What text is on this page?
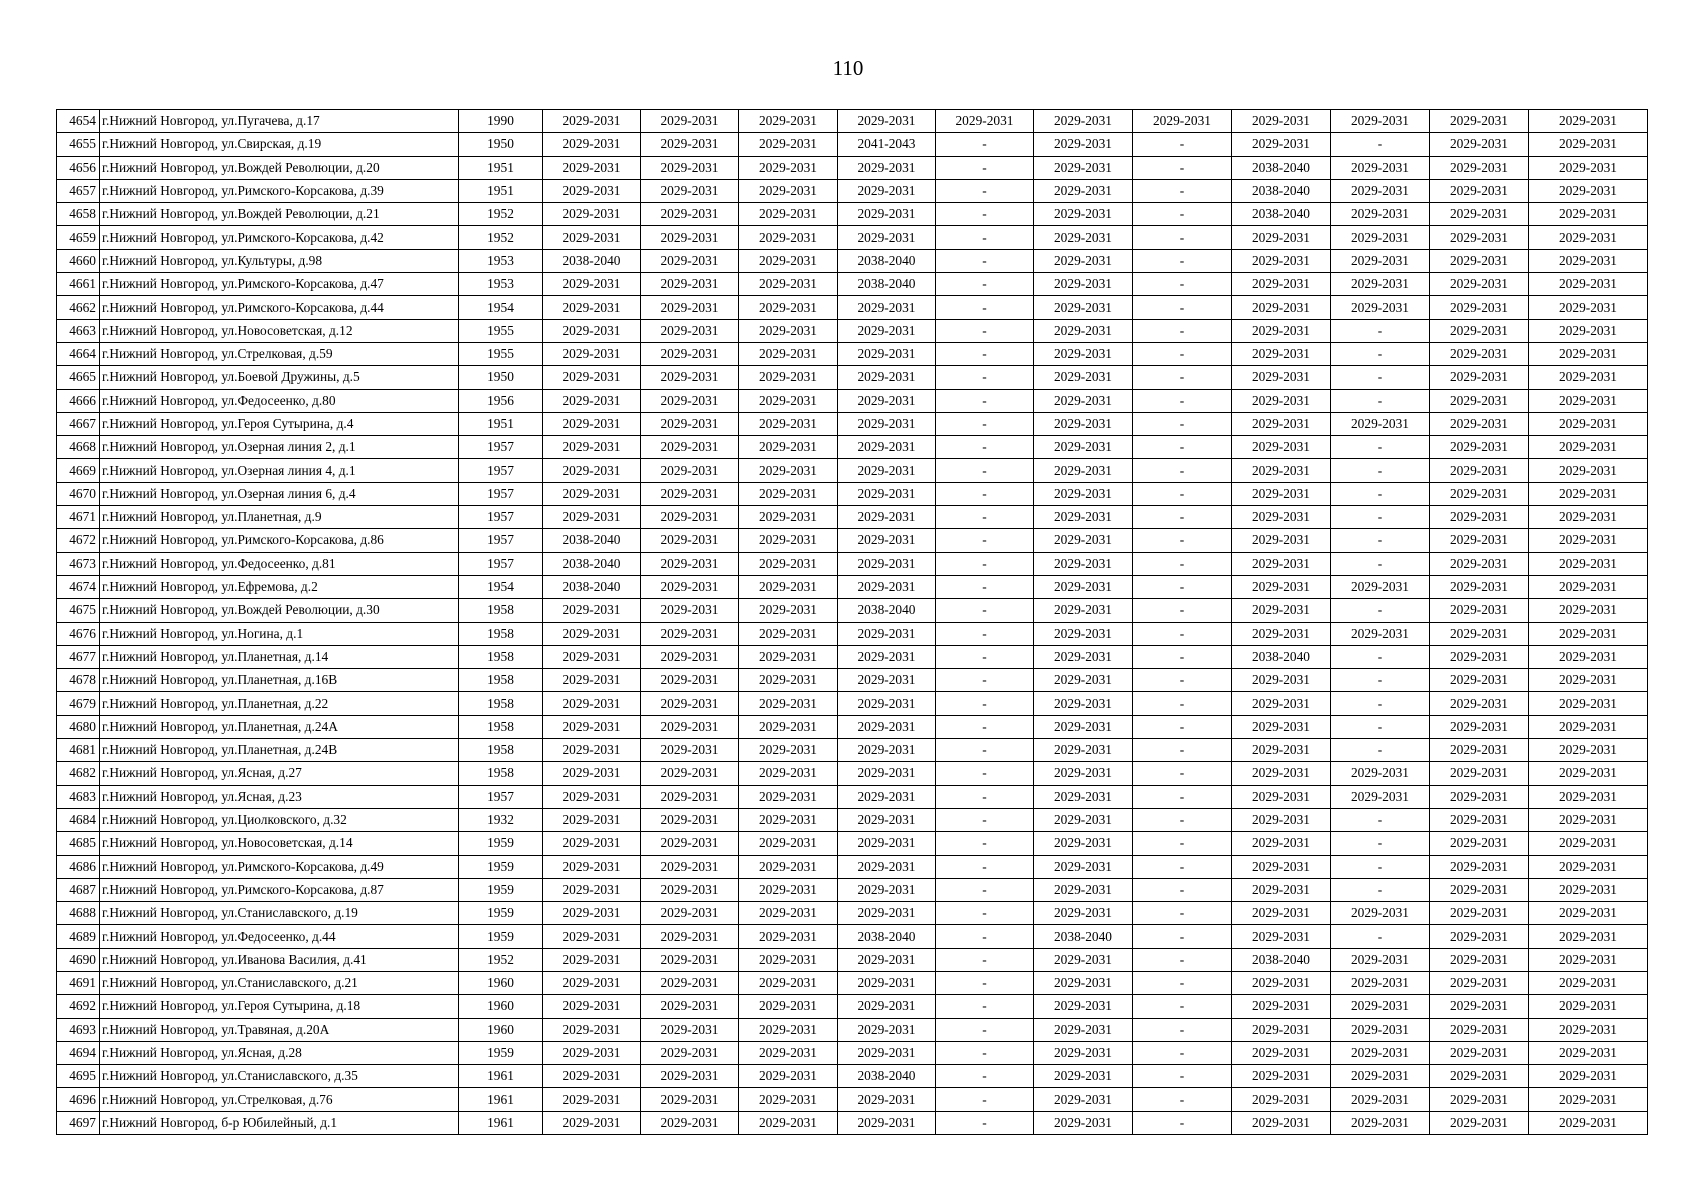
110
4654	г.Нижний Новгород, ул.Пугачева, д.17	1990	2029-2031	2029-2031	2029-2031	2029-2031	2029-2031	2029-2031	2029-2031	2029-2031	2029-2031	2029-2031	2029-2031
4655	г.Нижний Новгород, ул.Свирская, д.19	1950	2029-2031	2029-2031	2029-2031	2041-2043	-	2029-2031	-	2029-2031	-	2029-2031	2029-2031
4656	г.Нижний Новгород, ул.Вождей Революции, д.20	1951	2029-2031	2029-2031	2029-2031	2029-2031	-	2029-2031	-	2038-2040	2029-2031	2029-2031	2029-2031
4657	г.Нижний Новгород, ул.Римского-Корсакова, д.39	1951	2029-2031	2029-2031	2029-2031	2029-2031	-	2029-2031	-	2038-2040	2029-2031	2029-2031	2029-2031
4658	г.Нижний Новгород, ул.Вождей Революции, д.21	1952	2029-2031	2029-2031	2029-2031	2029-2031	-	2029-2031	-	2038-2040	2029-2031	2029-2031	2029-2031
4659	г.Нижний Новгород, ул.Римского-Корсакова, д.42	1952	2029-2031	2029-2031	2029-2031	2029-2031	-	2029-2031	-	2029-2031	2029-2031	2029-2031	2029-2031
4660	г.Нижний Новгород, ул.Культуры, д.98	1953	2038-2040	2029-2031	2029-2031	2038-2040	-	2029-2031	-	2029-2031	2029-2031	2029-2031	2029-2031
4661	г.Нижний Новгород, ул.Римского-Корсакова, д.47	1953	2029-2031	2029-2031	2029-2031	2038-2040	-	2029-2031	-	2029-2031	2029-2031	2029-2031	2029-2031
4662	г.Нижний Новгород, ул.Римского-Корсакова, д.44	1954	2029-2031	2029-2031	2029-2031	2029-2031	-	2029-2031	-	2029-2031	2029-2031	2029-2031	2029-2031
4663	г.Нижний Новгород, ул.Новосоветская, д.12	1955	2029-2031	2029-2031	2029-2031	2029-2031	-	2029-2031	-	2029-2031	-	2029-2031	2029-2031
4664	г.Нижний Новгород, ул.Стрелковая, д.59	1955	2029-2031	2029-2031	2029-2031	2029-2031	-	2029-2031	-	2029-2031	-	2029-2031	2029-2031
4665	г.Нижний Новгород, ул.Боевой Дружины, д.5	1950	2029-2031	2029-2031	2029-2031	2029-2031	-	2029-2031	-	2029-2031	-	2029-2031	2029-2031
4666	г.Нижний Новгород, ул.Федосеенко, д.80	1956	2029-2031	2029-2031	2029-2031	2029-2031	-	2029-2031	-	2029-2031	-	2029-2031	2029-2031
4667	г.Нижний Новгород, ул.Героя Сутырина, д.4	1951	2029-2031	2029-2031	2029-2031	2029-2031	-	2029-2031	-	2029-2031	2029-2031	2029-2031	2029-2031
4668	г.Нижний Новгород, ул.Озерная линия 2, д.1	1957	2029-2031	2029-2031	2029-2031	2029-2031	-	2029-2031	-	2029-2031	-	2029-2031	2029-2031
4669	г.Нижний Новгород, ул.Озерная линия 4, д.1	1957	2029-2031	2029-2031	2029-2031	2029-2031	-	2029-2031	-	2029-2031	-	2029-2031	2029-2031
4670	г.Нижний Новгород, ул.Озерная линия 6, д.4	1957	2029-2031	2029-2031	2029-2031	2029-2031	-	2029-2031	-	2029-2031	-	2029-2031	2029-2031
4671	г.Нижний Новгород, ул.Планетная, д.9	1957	2029-2031	2029-2031	2029-2031	2029-2031	-	2029-2031	-	2029-2031	-	2029-2031	2029-2031
4672	г.Нижний Новгород, ул.Римского-Корсакова, д.86	1957	2038-2040	2029-2031	2029-2031	2029-2031	-	2029-2031	-	2029-2031	-	2029-2031	2029-2031
4673	г.Нижний Новгород, ул.Федосеенко, д.81	1957	2038-2040	2029-2031	2029-2031	2029-2031	-	2029-2031	-	2029-2031	-	2029-2031	2029-2031
4674	г.Нижний Новгород, ул.Ефремова, д.2	1954	2038-2040	2029-2031	2029-2031	2029-2031	-	2029-2031	-	2029-2031	2029-2031	2029-2031	2029-2031
4675	г.Нижний Новгород, ул.Вождей Революции, д.30	1958	2029-2031	2029-2031	2029-2031	2038-2040	-	2029-2031	-	2029-2031	-	2029-2031	2029-2031
4676	г.Нижний Новгород, ул.Ногина, д.1	1958	2029-2031	2029-2031	2029-2031	2029-2031	-	2029-2031	-	2029-2031	2029-2031	2029-2031	2029-2031
4677	г.Нижний Новгород, ул.Планетная, д.14	1958	2029-2031	2029-2031	2029-2031	2029-2031	-	2029-2031	-	2038-2040	-	2029-2031	2029-2031
4678	г.Нижний Новгород, ул.Планетная, д.16В	1958	2029-2031	2029-2031	2029-2031	2029-2031	-	2029-2031	-	2029-2031	-	2029-2031	2029-2031
4679	г.Нижний Новгород, ул.Планетная, д.22	1958	2029-2031	2029-2031	2029-2031	2029-2031	-	2029-2031	-	2029-2031	-	2029-2031	2029-2031
4680	г.Нижний Новгород, ул.Планетная, д.24А	1958	2029-2031	2029-2031	2029-2031	2029-2031	-	2029-2031	-	2029-2031	-	2029-2031	2029-2031
4681	г.Нижний Новгород, ул.Планетная, д.24В	1958	2029-2031	2029-2031	2029-2031	2029-2031	-	2029-2031	-	2029-2031	-	2029-2031	2029-2031
4682	г.Нижний Новгород, ул.Ясная, д.27	1958	2029-2031	2029-2031	2029-2031	2029-2031	-	2029-2031	-	2029-2031	2029-2031	2029-2031	2029-2031
4683	г.Нижний Новгород, ул.Ясная, д.23	1957	2029-2031	2029-2031	2029-2031	2029-2031	-	2029-2031	-	2029-2031	2029-2031	2029-2031	2029-2031
4684	г.Нижний Новгород, ул.Циолковского, д.32	1932	2029-2031	2029-2031	2029-2031	2029-2031	-	2029-2031	-	2029-2031	-	2029-2031	2029-2031
4685	г.Нижний Новгород, ул.Новосоветская, д.14	1959	2029-2031	2029-2031	2029-2031	2029-2031	-	2029-2031	-	2029-2031	-	2029-2031	2029-2031
4686	г.Нижний Новгород, ул.Римского-Корсакова, д.49	1959	2029-2031	2029-2031	2029-2031	2029-2031	-	2029-2031	-	2029-2031	-	2029-2031	2029-2031
4687	г.Нижний Новгород, ул.Римского-Корсакова, д.87	1959	2029-2031	2029-2031	2029-2031	2029-2031	-	2029-2031	-	2029-2031	-	2029-2031	2029-2031
4688	г.Нижний Новгород, ул.Станиславского, д.19	1959	2029-2031	2029-2031	2029-2031	2029-2031	-	2029-2031	-	2029-2031	2029-2031	2029-2031	2029-2031
4689	г.Нижний Новгород, ул.Федосеенко, д.44	1959	2029-2031	2029-2031	2029-2031	2038-2040	-	2038-2040	-	2029-2031	-	2029-2031	2029-2031
4690	г.Нижний Новгород, ул.Иванова Василия, д.41	1952	2029-2031	2029-2031	2029-2031	2029-2031	-	2029-2031	-	2038-2040	2029-2031	2029-2031	2029-2031
4691	г.Нижний Новгород, ул.Станиславского, д.21	1960	2029-2031	2029-2031	2029-2031	2029-2031	-	2029-2031	-	2029-2031	2029-2031	2029-2031	2029-2031
4692	г.Нижний Новгород, ул.Героя Сутырина, д.18	1960	2029-2031	2029-2031	2029-2031	2029-2031	-	2029-2031	-	2029-2031	2029-2031	2029-2031	2029-2031
4693	г.Нижний Новгород, ул.Травяная, д.20А	1960	2029-2031	2029-2031	2029-2031	2029-2031	-	2029-2031	-	2029-2031	2029-2031	2029-2031	2029-2031
4694	г.Нижний Новгород, ул.Ясная, д.28	1959	2029-2031	2029-2031	2029-2031	2029-2031	-	2029-2031	-	2029-2031	2029-2031	2029-2031	2029-2031
4695	г.Нижний Новгород, ул.Станиславского, д.35	1961	2029-2031	2029-2031	2029-2031	2038-2040	-	2029-2031	-	2029-2031	2029-2031	2029-2031	2029-2031
4696	г.Нижний Новгород, ул.Стрелковая, д.76	1961	2029-2031	2029-2031	2029-2031	2029-2031	-	2029-2031	-	2029-2031	2029-2031	2029-2031	2029-2031
4697	г.Нижний Новгород, б-р Юбилейный, д.1	1961	2029-2031	2029-2031	2029-2031	2029-2031	-	2029-2031	-	2029-2031	2029-2031	2029-2031	2029-2031
